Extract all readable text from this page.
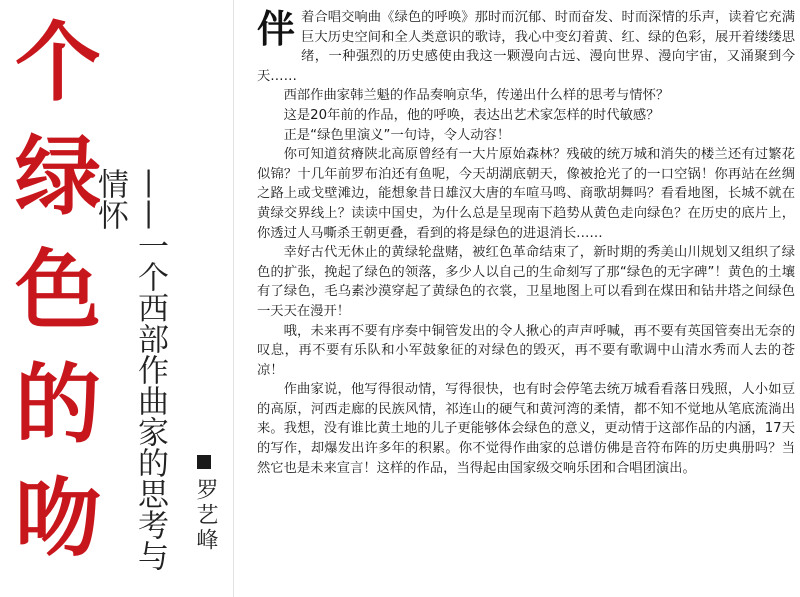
个
绿
色
的
吻 ——一个西部作曲家的思考与情怀

罗艺峰

伴着合唱交响曲《绿色的呼唤》那时而沉郁、时而奋发、时而深情的乐声，读着它充满巨大历史空间和全人类意识的歌诗，我心中变幻着黄、红、绿的色彩，展开着缕缕思绪，一种强烈的历史感使由我这一颗漫向古远、漫向世界、漫向宇宙，又涌聚到今天……

西部作曲家韩兰魁的作品奏响京华，传递出什么样的思考与情怀？

这是20年前的作品，他的呼唤，表达出艺术家怎样的时代敏感？

正是“绿色里演义”一句诗，令人动容！

你可知道贫瘠陕北高原曾经有一大片原始森林？残破的统万城和消失的楼兰还有过繁花似锦？十几年前罗布泊还有鱼呢，今天胡湖底朝天，像被抢光了的一口空锅！你再站在丝绸之路上或戈壁滩边，能想象昔日雄汉大唐的车喧马鸣、商歌胡舞吗？看看地图，长城不就在黄绿交界线上？读读中国史，为什么总是呈现南下趋势从黄色走向绿色？在历史的底片上，你透过人马嘶杀王朝更叠，看到的将是绿色的进退消长……

幸好古代无休止的黄绿轮盘赌，被红色革命结束了，新时期的秀美山川规划又组织了绿色的扩张，挽起了绿色的领落，多少人以自己的生命刻写了那“绿色的无字碑”！黄色的土壤有了绿色，毛乌素沙漠穿起了黄绿色的衣裳，卫星地图上可以看到在煤田和钻井塔之间绿色一天天在漫开！

哦，未来再不要有序奏中铜管发出的令人揪心的声声呼喊，再不要有英国管奏出无奈的叹息，再不要有乐队和小军鼓象征的对绿色的毁灭，再不要有歌调中山清水秀而人去的苍凉！

作曲家说，他写得很动情，写得很快，也有时会停笔去统万城看看落日残照，人小如豆的高原，河西走廊的民族风情，祁连山的硬气和黄河湾的柔情，都不知不觉地从笔底流淌出来。我想，没有谁比黄土地的儿子更能够体会绿色的意义，更动情于这部作品的内涵，17天的写作，却爆发出许多年的积累。你不觉得作曲家的总谱仿佛是音符布阵的历史典册吗？当然它也是未来宣言！这样的作品，当得起由国家级交响乐团和合唱团演出。
